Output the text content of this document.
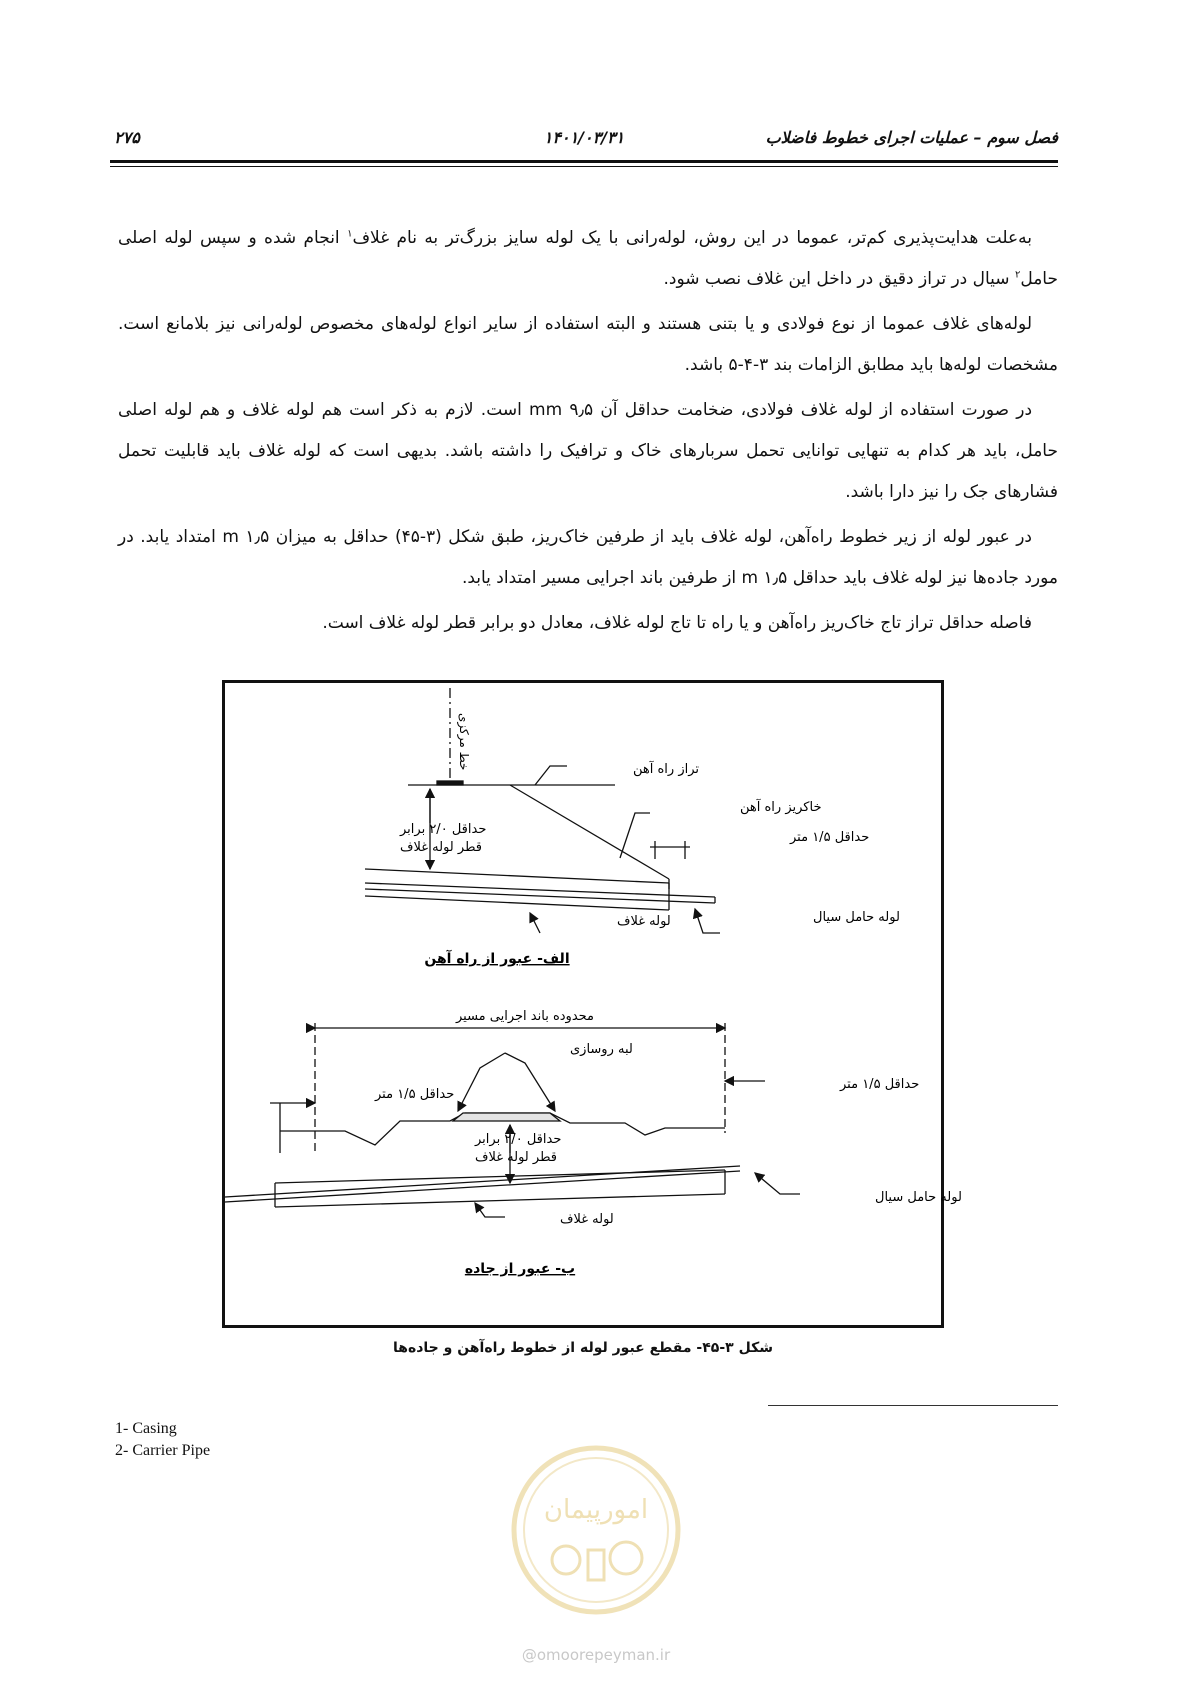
فصل سوم – عملیات اجرای خطوط فاضلاب
۱۴۰۱/۰۳/۳۱
۲۷۵

به‌علت هدایت‌پذیری کم‌تر، عموما در این روش، لوله‌رانی با یک لوله سایز بزرگ‌تر به نام غلاف$^۱$ انجام شده و سپس لوله اصلی حامل$^۲$ سیال در تراز دقیق در داخل این غلاف نصب شود.

لوله‌های غلاف عموما از نوع فولادی و یا بتنی هستند و البته استفاده از سایر انواع لوله‌های مخصوص لوله‌رانی نیز بلامانع است. مشخصات لوله‌ها باید مطابق الزامات بند ۳-۴-۵ باشد.

در صورت استفاده از لوله غلاف فولادی، ضخامت حداقل آن ۹٫۵ mm است. لازم به ذکر است هم لوله غلاف و هم لوله اصلی حامل، باید هر کدام به تنهایی توانایی تحمل سربارهای خاک و ترافیک را داشته باشد. بدیهی است که لوله غلاف باید قابلیت تحمل فشارهای جک را نیز دارا باشد.

در عبور لوله از زیر خطوط راه‌آهن، لوله غلاف باید از طرفین خاک‌ریز، طبق شکل (۳-۴۵) حداقل به میزان ۱٫۵ m امتداد یابد. در مورد جاده‌ها نیز لوله غلاف باید حداقل ۱٫۵ m از طرفین باند اجرایی مسیر امتداد یابد.

فاصله حداقل تراز تاج خاک‌ریز راه‌آهن و یا راه تا تاج لوله غلاف، معادل دو برابر قطر لوله غلاف است.

خط مرکزی	تراز راه آهن
خاکریز راه آهن
حداقل ۱/۵ متر
حداقل ۲/۰ برابر
قطر لوله غلاف
لوله غلاف	لوله حامل سیال
الف- عبور از راه آهن
محدوده باند اجرایی مسیر
لبه روسازی
حداقل ۱/۵ متر
حداقل ۱/۵ متر
حداقل ۲/۰ برابر
قطر لوله غلاف
لوله حامل سیال
لوله غلاف
ب- عبور از جاده
شکل ۳-۴۵- مقطع عبور لوله از خطوط راه‌آهن و جاده‌ها
1- Casing
2- Carrier Pipe
امورپیمان
@omoorepeyman.ir
